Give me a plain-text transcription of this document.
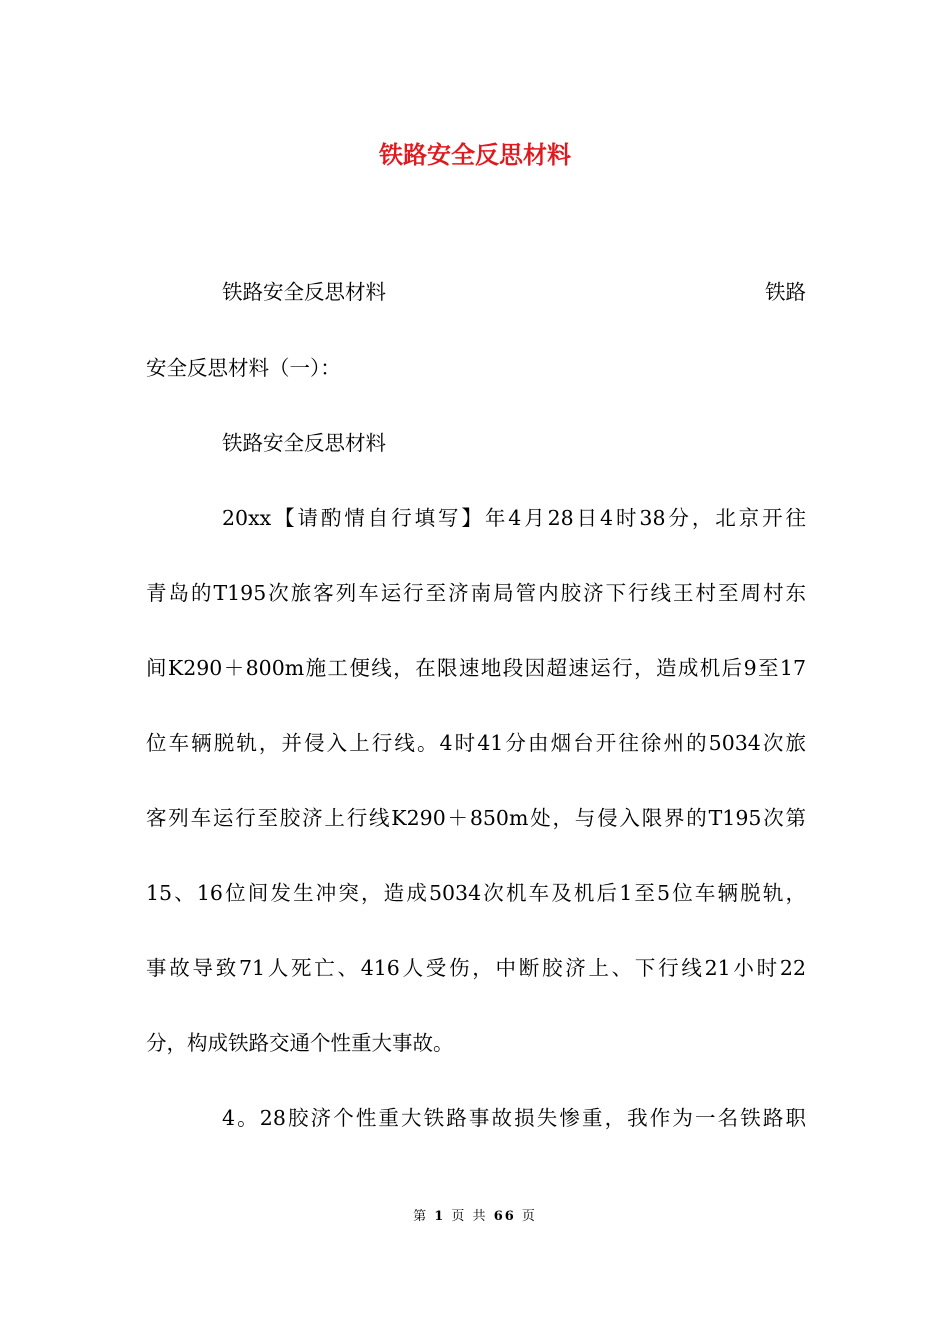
铁路安全反思材料
铁路安全反思材料	铁路
安全反思材料（一）：
铁路安全反思材料
20xx【请酌情自行填写】年4月28日4时38分，北京开往
青岛的T195次旅客列车运行至济南局管内胶济下行线王村至周村东
间K290＋800m施工便线，在限速地段因超速运行，造成机后9至17
位车辆脱轨，并侵入上行线。4时41分由烟台开往徐州的5034次旅
客列车运行至胶济上行线K290＋850m处，与侵入限界的T195次第
15、16位间发生冲突，造成5034次机车及机后1至5位车辆脱轨，
事故导致71人死亡、416人受伤，中断胶济上、下行线21小时22
分，构成铁路交通个性重大事故。
4。28胶济个性重大铁路事故损失惨重，我作为一名铁路职
第 1 页 共 66 页
